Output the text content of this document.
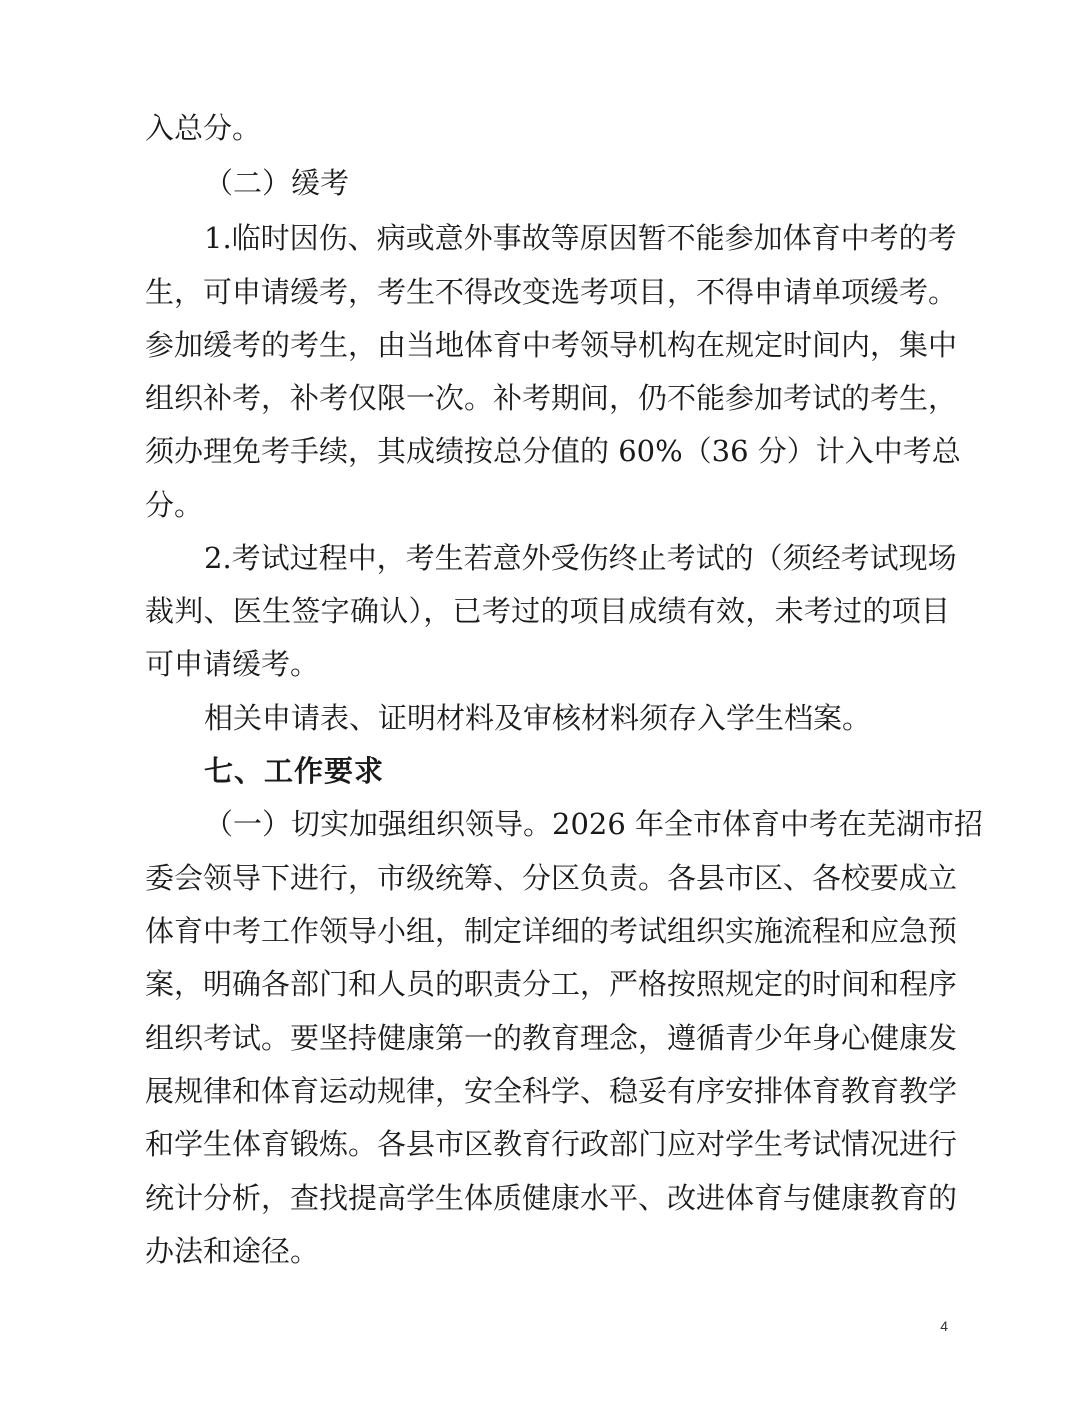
入总分。
（二）缓考
1.临时因伤、病或意外事故等原因暂不能参加体育中考的考
生，可申请缓考，考生不得改变选考项目，不得申请单项缓考。
参加缓考的考生，由当地体育中考领导机构在规定时间内，集中
组织补考，补考仅限一次。补考期间，仍不能参加考试的考生，
须办理免考手续，其成绩按总分值的 60%（36 分）计入中考总
分。
2.考试过程中，考生若意外受伤终止考试的（须经考试现场
裁判、医生签字确认），已考过的项目成绩有效，未考过的项目
可申请缓考。
相关申请表、证明材料及审核材料须存入学生档案。
七、工作要求
（一）切实加强组织领导。 2026 年全市体育中考在芜湖市招
委会领导下进行，市级统筹、分区负责。各县市区、各校要成立
体育中考工作领导小组，制定详细的考试组织实施流程和应急预
案，明确各部门和人员的职责分工，严格按照规定的时间和程序
组织考试。要坚持健康第一的教育理念，遵循青少年身心健康发
展规律和体育运动规律，安全科学、稳妥有序安排体育教育教学
和学生体育锻炼。各县市区教育行政部门应对学生考试情况进行
统计分析，查找提高学生体质健康水平、改进体育与健康教育的
办法和途径。
4
